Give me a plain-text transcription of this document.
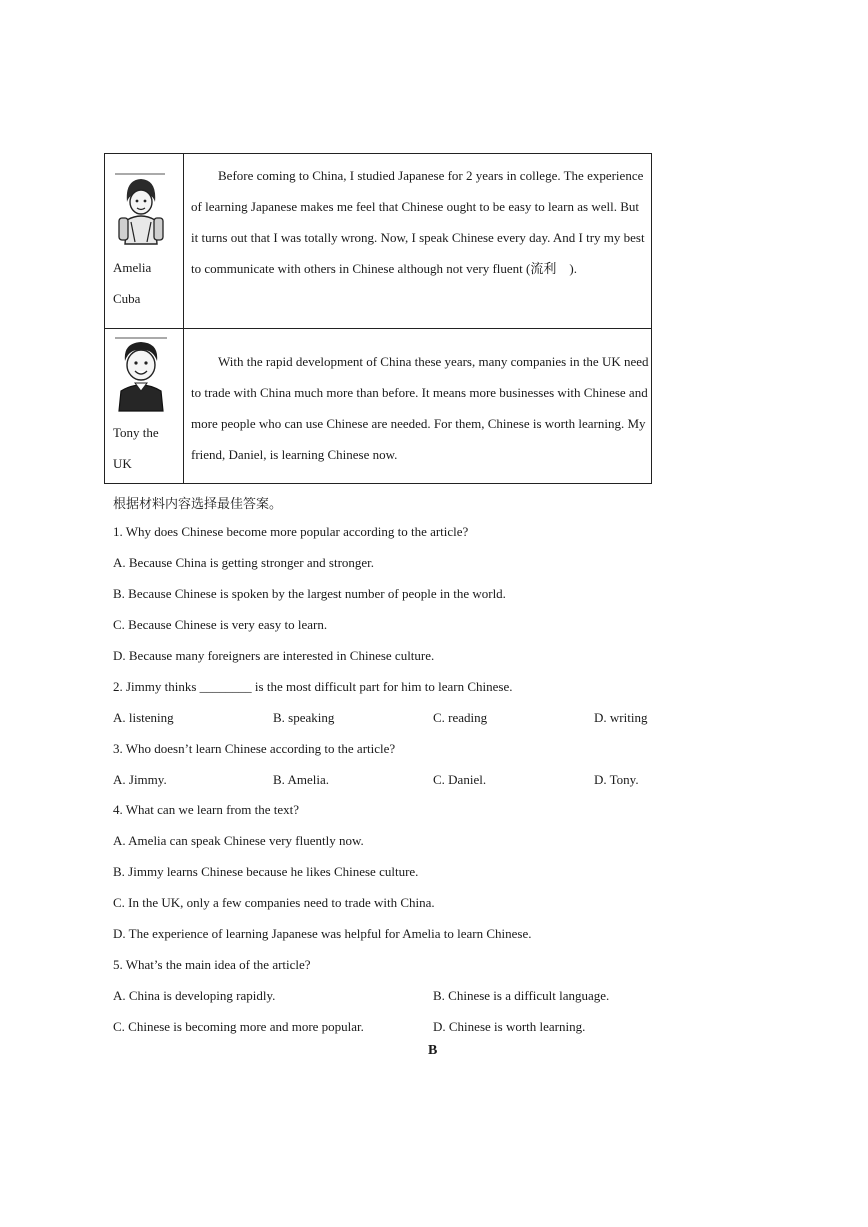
Amelia
Cuba
Before coming to China, I studied Japanese for 2 years in college. The experience of learning Japanese makes me feel that Chinese ought to be easy to learn as well. But it turns out that I was totally wrong. Now, I speak Chinese every day. And I try my best to communicate with others in Chinese although not very fluent (流利　).
Tony the
UK
With the rapid development of China these years, many companies in the UK need to trade with China much more than before. It means more businesses with Chinese and more people who can use Chinese are needed. For them, Chinese is worth learning. My friend, Daniel, is learning Chinese now.
根据材料内容选择最佳答案。
1. Why does Chinese become more popular according to the article?
A. Because China is getting stronger and stronger.
B. Because Chinese is spoken by the largest number of people in the world.
C. Because Chinese is very easy to learn.
D. Because many foreigners are interested in Chinese culture.
2. Jimmy thinks ________ is the most difficult part for him to learn Chinese.
A. listening	B. speaking	C. reading	D. writing
3. Who doesn’t learn Chinese according to the article?
A. Jimmy.	B. Amelia.	C. Daniel.	D. Tony.
4. What can we learn from the text?
A. Amelia can speak Chinese very fluently now.
B. Jimmy learns Chinese because he likes Chinese culture.
C. In the UK, only a few companies need to trade with China.
D. The experience of learning Japanese was helpful for Amelia to learn Chinese.
5. What’s the main idea of the article?
A. China is developing rapidly.	B. Chinese is a difficult language.
C. Chinese is becoming more and more popular.	D. Chinese is worth learning.
B
